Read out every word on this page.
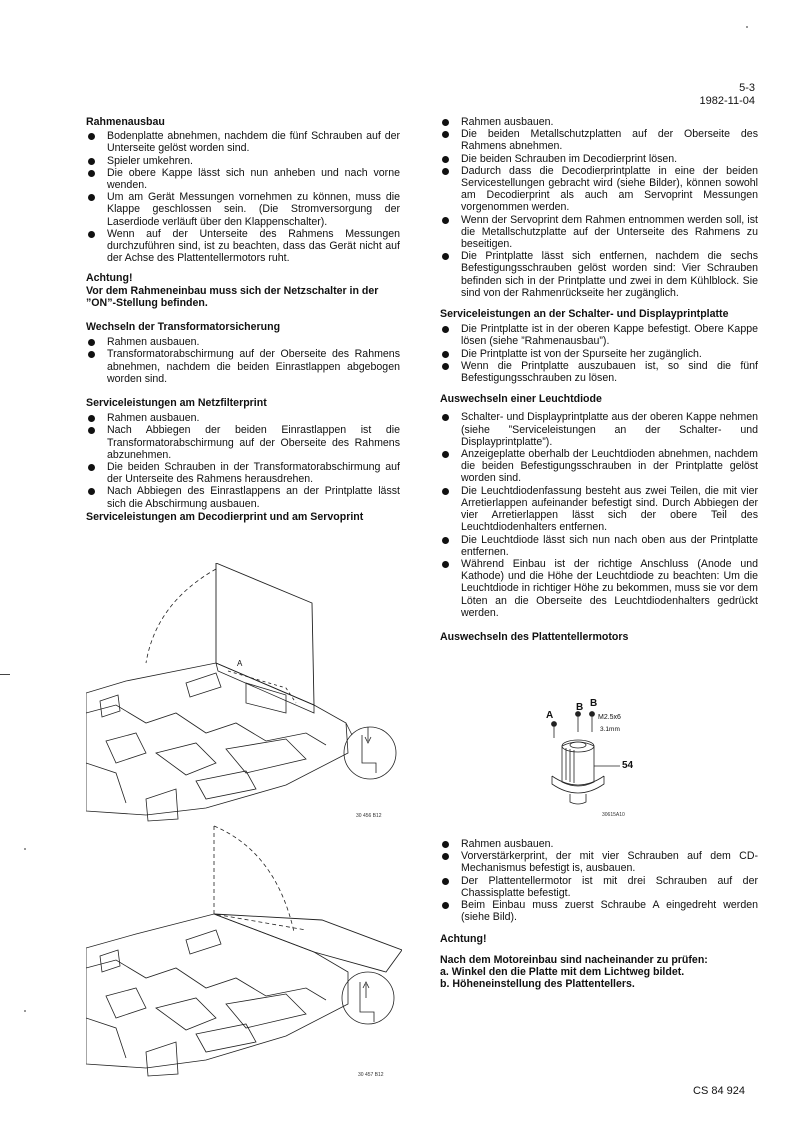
5-3
1982-11-04
Rahmenausbau
Bodenplatte abnehmen, nachdem die fünf Schrauben auf der Unterseite gelöst worden sind.
Spieler umkehren.
Die obere Kappe lässt sich nun anheben und nach vorne wenden.
Um am Gerät Messungen vornehmen zu können, muss die Klappe geschlossen sein. (Die Stromversorgung der Laserdiode verläuft über den Klappenschalter).
Wenn auf der Unterseite des Rahmens Messungen durchzuführen sind, ist zu beachten, dass das Gerät nicht auf der Achse des Plattentellermotors ruht.

Achtung!

Vor dem Rahmeneinbau muss sich der Netzschalter in der ”ON”-Stellung befinden.

Wechseln der Transformatorsicherung
Rahmen ausbauen.
Transformatorabschirmung auf der Oberseite des Rahmens abnehmen, nachdem die beiden Einrastlappen abgebogen worden sind.
Serviceleistungen am Netzfilterprint
Rahmen ausbauen.
Nach Abbiegen der beiden Einrastlappen ist die Transformatorabschirmung auf der Oberseite des Rahmens abzunehmen.
Die beiden Schrauben in der Transformatorabschirmung auf der Unterseite des Rahmens herausdrehen.
Nach Abbiegen des Einrastlappens an der Printplatte lässt sich die Abschirmung ausbauen.
Serviceleistungen am Decodierprint und am Servoprint
A
30 456 B12
30 457 B12
Rahmen ausbauen.
Die beiden Metallschutzplatten auf der Oberseite des Rahmens abnehmen.
Die beiden Schrauben im Decodierprint lösen.
Dadurch dass die Decodierprintplatte in eine der beiden Servicestellungen gebracht wird (siehe Bilder), können sowohl am Decodierprint als auch am Servoprint Messungen vorgenommen werden.
Wenn der Servoprint dem Rahmen entnommen werden soll, ist die Metallschutzplatte auf der Unterseite des Rahmens zu beseitigen.
Die Printplatte lässt sich entfernen, nachdem die sechs Befestigungsschrauben gelöst worden sind: Vier Schrauben befinden sich in der Printplatte und zwei in dem Kühlblock. Sie sind von der Rahmenrückseite her zugänglich.
Serviceleistungen an der Schalter- und Displayprintplatte
Die Printplatte ist in der oberen Kappe befestigt. Obere Kappe lösen (siehe ”Rahmenausbau”).
Die Printplatte ist von der Spurseite her zugänglich.
Wenn die Printplatte auszubauen ist, so sind die fünf Befestigungsschrauben zu lösen.
Auswechseln einer Leuchtdiode
Schalter- und Displayprintplatte aus der oberen Kappe nehmen (siehe ”Serviceleistungen an der Schalter- und Displayprintplatte”).
Anzeigeplatte oberhalb der Leuchtdioden abnehmen, nachdem die beiden Befestigungsschrauben in der Printplatte gelöst worden sind.
Die Leuchtdiodenfassung besteht aus zwei Teilen, die mit vier Arretierlappen aufeinander befestigt sind. Durch Abbiegen der vier Arretierlappen lässt sich der obere Teil des Leuchtdiodenhalters entfernen.
Die Leuchtdiode lässt sich nun nach oben aus der Printplatte entfernen.
Während Einbau ist der richtige Anschluss (Anode und Kathode) und die Höhe der Leuchtdiode zu beachten: Um die Leuchtdiode in richtiger Höhe zu bekommen, muss sie vor dem Löten an die Oberseite des Leuchtdiodenhalters gedrückt werden.
Auswechseln des Plattentellermotors
A
B B
M2.5x6
3.1mm
54
30615A10
Rahmen ausbauen.
Vorverstärkerprint, der mit vier Schrauben auf dem CD-Mechanismus befestigt is, ausbauen.
Der Plattentellermotor ist mit drei Schrauben auf der Chassisplatte befestigt.
Beim Einbau muss zuerst Schraube A eingedreht werden (siehe Bild).

Achtung!

Nach dem Motoreinbau sind nacheinander zu prüfen:

a. Winkel den die Platte mit dem Lichtweg bildet.

b. Höheneinstellung des Plattentellers.

CS 84 924
